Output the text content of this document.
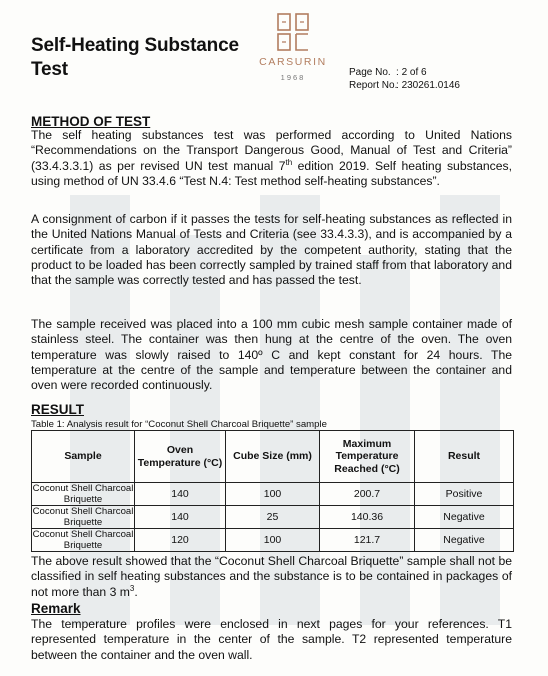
Self-Heating Substance Test	CARSURIN
1968	Page No. : 2 of 6
Report No.: 230261.0146
METHOD OF TEST

The self heating substances test was performed according to United Nations “Recommendations on the Transport Dangerous Good, Manual of Test and Criteria” (33.4.3.3.1) as per revised UN test manual 7th edition 2019. Self heating substances, using method of UN 33.4.6 “Test N.4: Test method self-heating substances”.

A consignment of carbon if it passes the tests for self-heating substances as reflected in the United Nations Manual of Tests and Criteria (see 33.4.3.3), and is accompanied by a certificate from a laboratory accredited by the competent authority, stating that the product to be loaded has been correctly sampled by trained staff from that laboratory and that the sample was correctly tested and has passed the test.

The sample received was placed into a 100 mm cubic mesh sample container made of stainless steel. The container was then hung at the centre of the oven. The oven temperature was slowly raised to 140º C and kept constant for 24 hours. The temperature at the centre of the sample and temperature between the container and oven were recorded continuously.

RESULT
Table 1: Analysis result for “Coconut Shell Charcoal Briquette” sample
Sample	Oven Temperature (°C)	Cube Size (mm)	Maximum Temperature Reached (°C)	Result
Coconut Shell Charcoal Briquette	140	100	200.7	Positive
Coconut Shell Charcoal Briquette	140	25	140.36	Negative
Coconut Shell Charcoal Briquette	120	100	121.7	Negative

The above result showed that the “Coconut Shell Charcoal Briquette” sample shall not be classified in self heating substances and the substance is to be contained in packages of not more than 3 $m^3$.

Remark

The temperature profiles were enclosed in next pages for your references. T1 represented temperature in the center of the sample. T2 represented temperature between the container and the oven wall.
